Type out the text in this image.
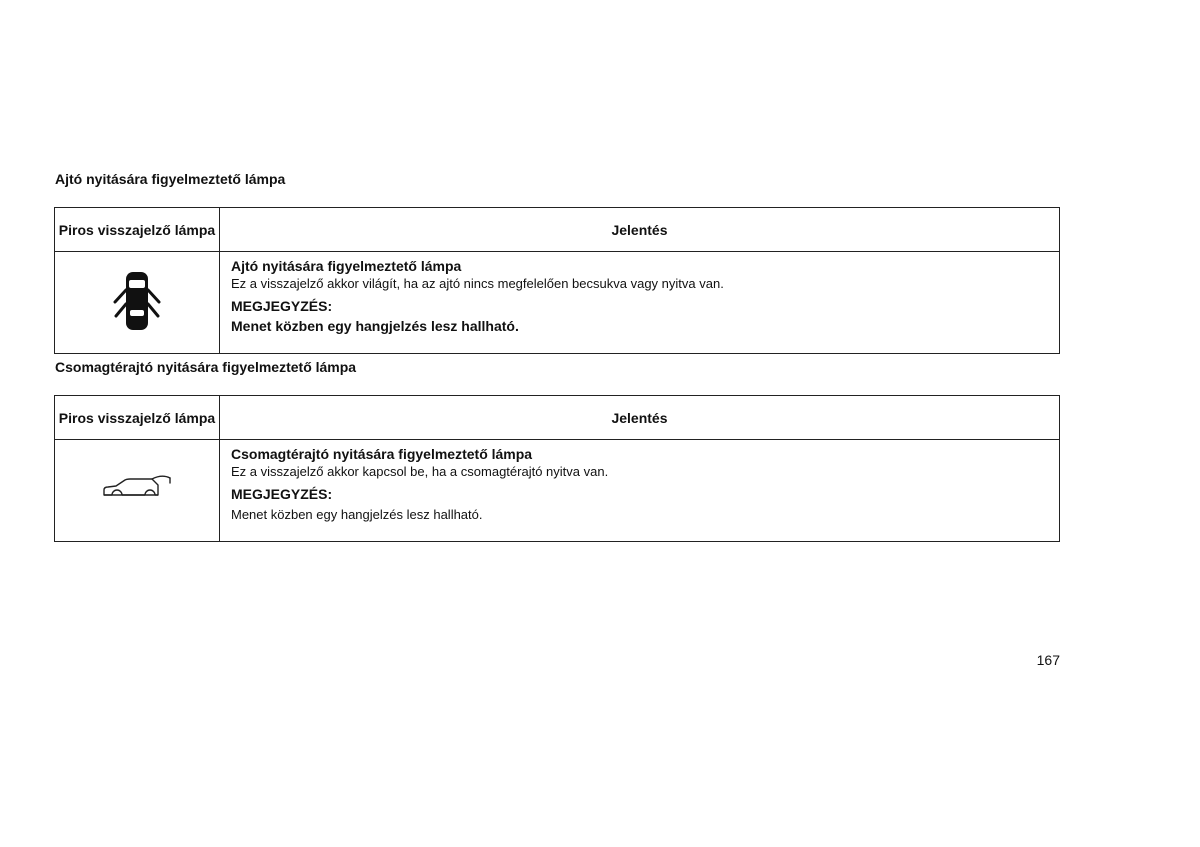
Ajtó nyitására figyelmeztető lámpa
Piros visszajelző lámpa	Jelentés

Ajtó nyitására figyelmeztető lámpa
Ez a visszajelző akkor világít, ha az ajtó nincs megfelelően becsukva vagy nyitva van.
MEGJEGYZÉS:
Menet közben egy hangjelzés lesz hallható.
Csomagtérajtó nyitására figyelmeztető lámpa
Piros visszajelző lámpa	Jelentés

Csomagtérajtó nyitására figyelmeztető lámpa
Ez a visszajelző akkor kapcsol be, ha a csomagtérajtó nyitva van.
MEGJEGYZÉS:
Menet közben egy hangjelzés lesz hallható.
167
